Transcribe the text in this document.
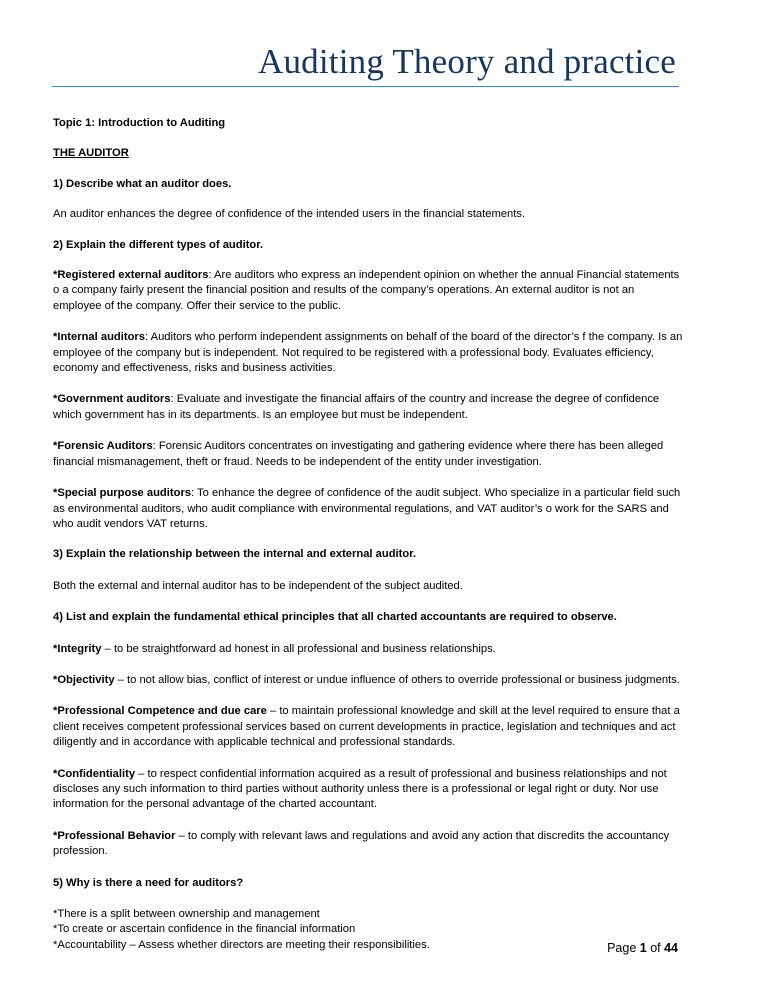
Auditing Theory and practice

Topic 1: Introduction to Auditing

THE AUDITOR

1) Describe what an auditor does.

An auditor enhances the degree of confidence of the intended users in the financial statements.

2) Explain the different types of auditor.

*Registered external auditors: Are auditors who express an independent opinion on whether the annual Financial statements o a company fairly present the financial position and results of the company’s operations. An external auditor is not an employee of the company. Offer their service to the public.

*Internal auditors: Auditors who perform independent assignments on behalf of the board of the director’s f the company. Is an employee of the company but is independent. Not required to be registered with a professional body. Evaluates efficiency, economy and effectiveness, risks and business activities.

*Government auditors: Evaluate and investigate the financial affairs of the country and increase the degree of confidence which government has in its departments. Is an employee but must be independent.

*Forensic Auditors: Forensic Auditors concentrates on investigating and gathering evidence where there has been alleged financial mismanagement, theft or fraud. Needs to be independent of the entity under investigation.

*Special purpose auditors: To enhance the degree of confidence of the audit subject. Who specialize in a particular field such as environmental auditors, who audit compliance with environmental regulations, and VAT auditor’s o work for the SARS and who audit vendors VAT returns.

3) Explain the relationship between the internal and external auditor.

Both the external and internal auditor has to be independent of the subject audited.

4) List and explain the fundamental ethical principles that all charted accountants are required to observe.

*Integrity – to be straightforward ad honest in all professional and business relationships.

*Objectivity – to not allow bias, conflict of interest or undue influence of others to override professional or business judgments.

*Professional Competence and due care – to maintain professional knowledge and skill at the level required to ensure that a client receives competent professional services based on current developments in practice, legislation and techniques and act diligently and in accordance with applicable technical and professional standards.

*Confidentiality – to respect confidential information acquired as a result of professional and business relationships and not discloses any such information to third parties without authority unless there is a professional or legal right or duty. Nor use information for the personal advantage of the charted accountant.

*Professional Behavior – to comply with relevant laws and regulations and avoid any action that discredits the accountancy profession.

5) Why is there a need for auditors?

*There is a split between ownership and management

*To create or ascertain confidence in the financial information

*Accountability – Assess whether directors are meeting their responsibilities.	Page 1 of 44
